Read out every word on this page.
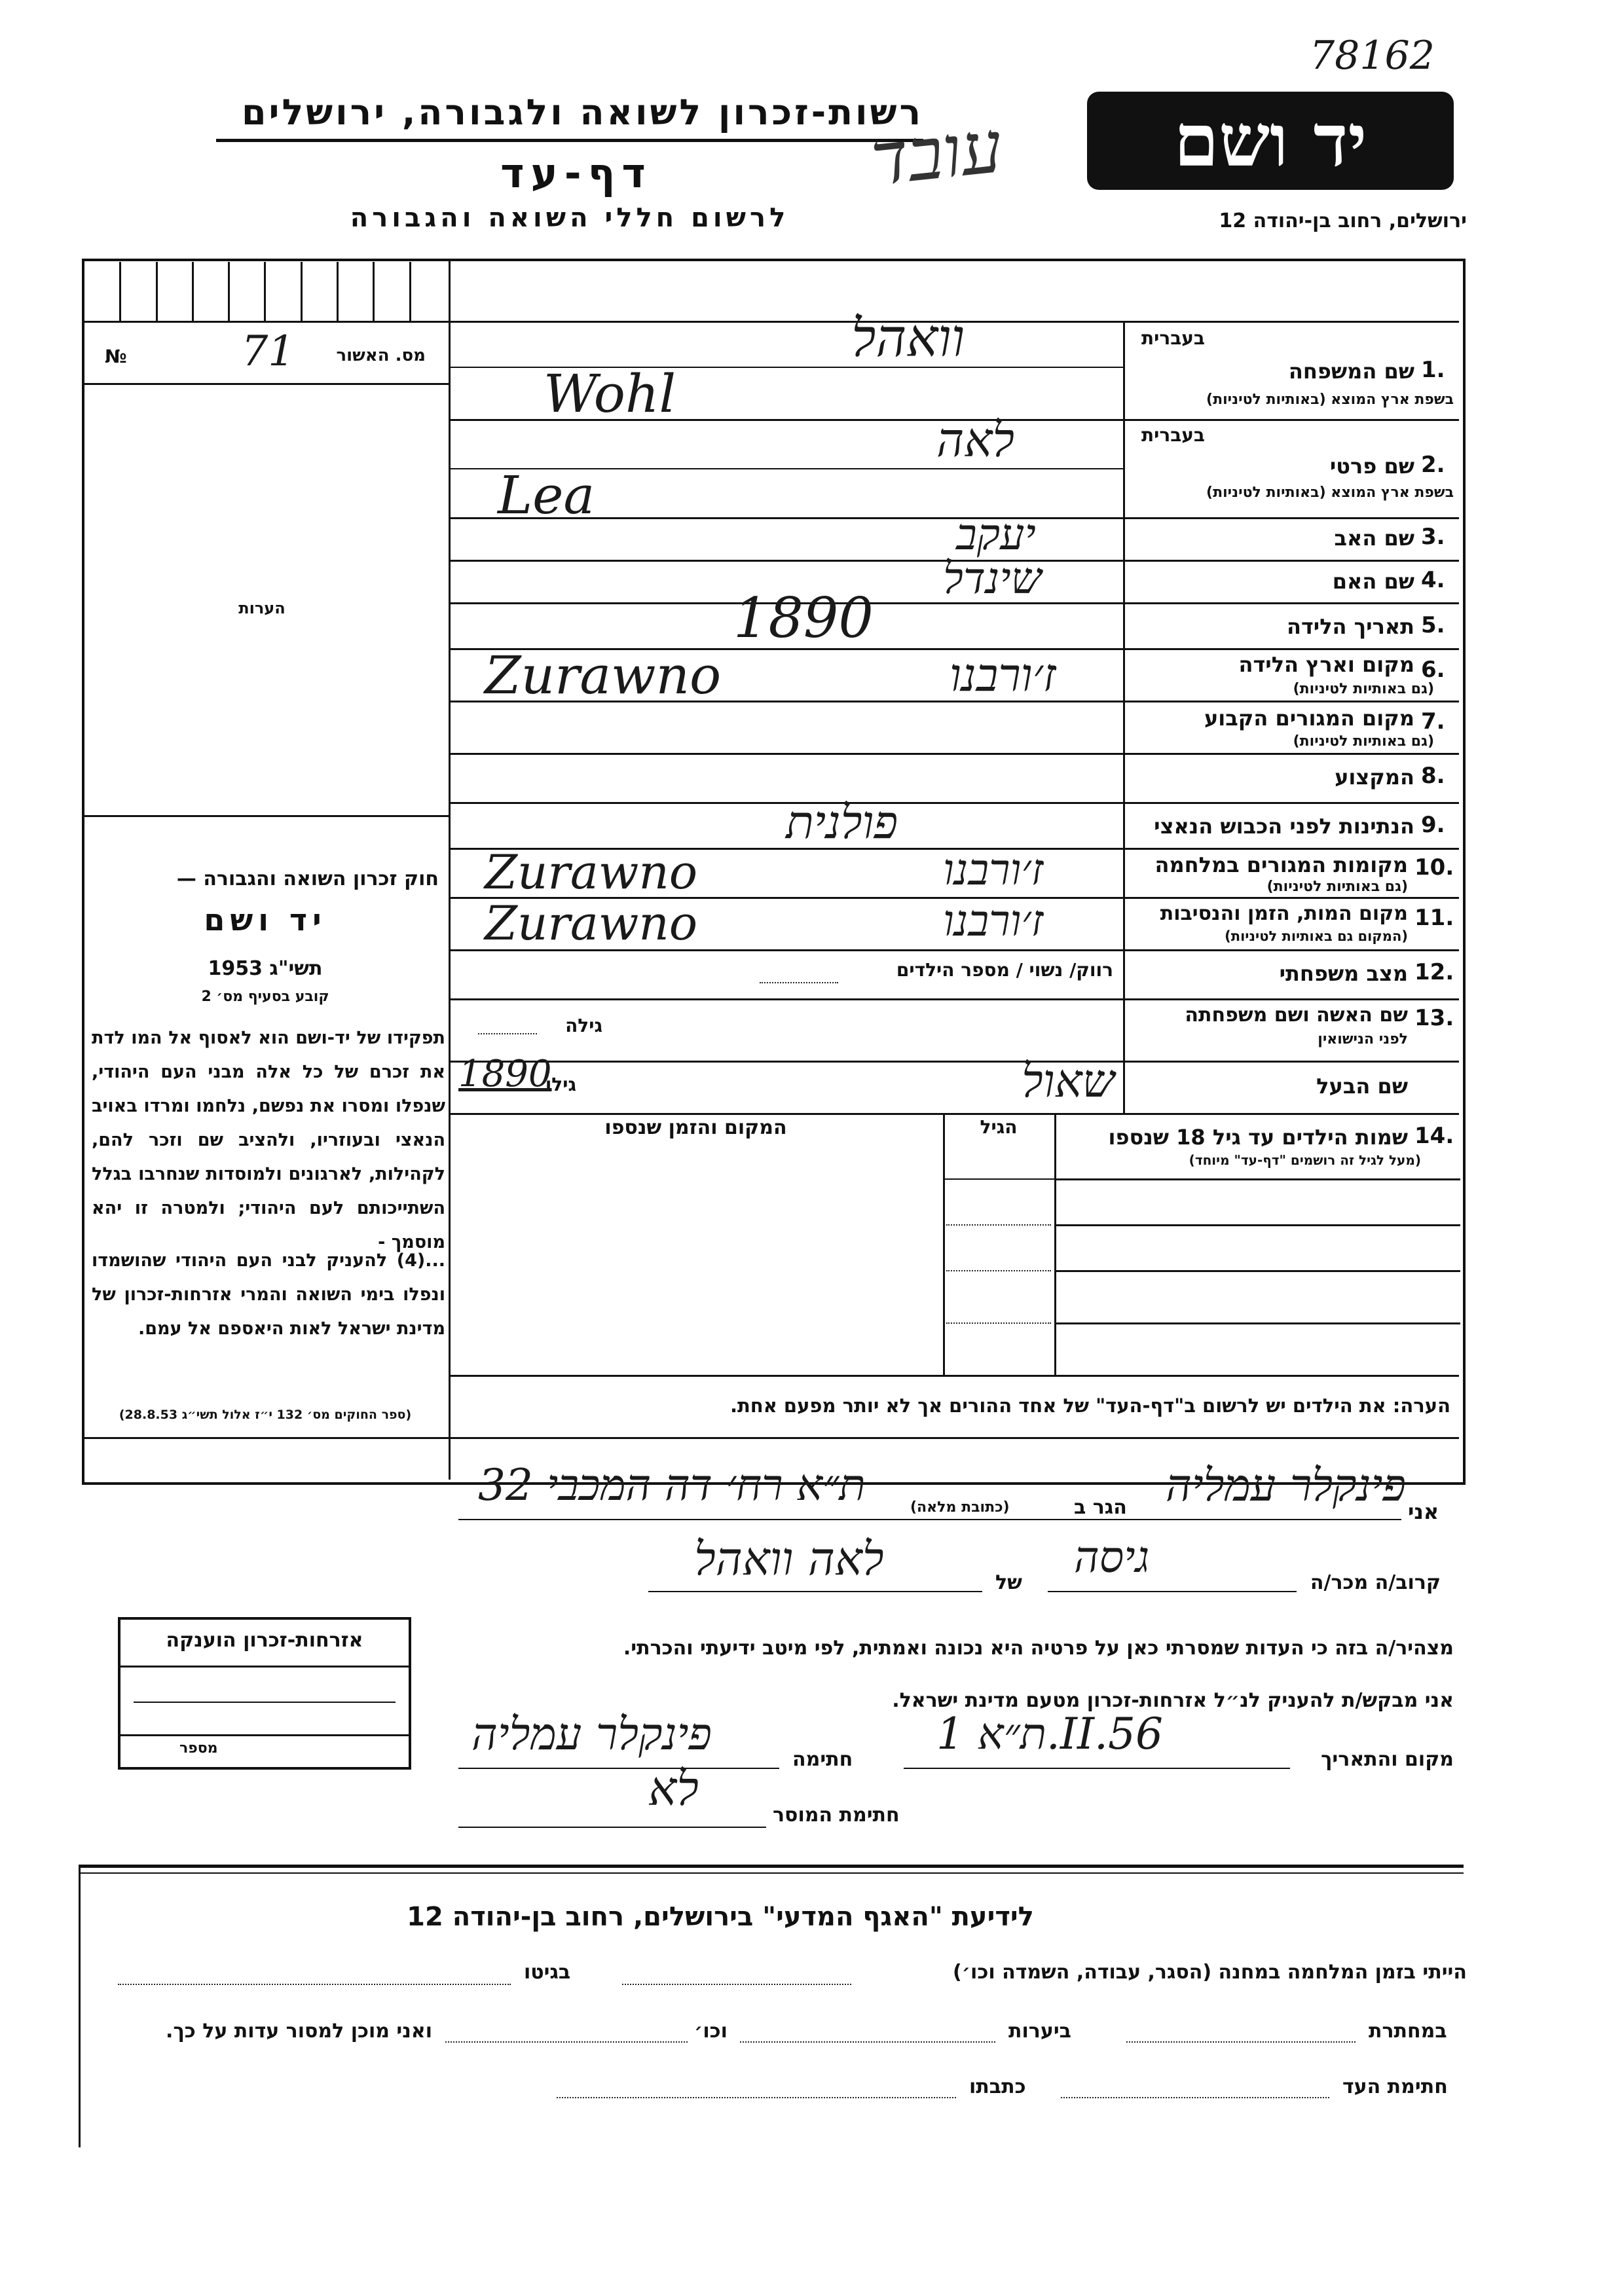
78162
יד ושם
רשות-זכרון לשואה ולגבורה, ירושלים
דף-עד
לרשום חללי השואה והגבורה	ירושלים, רחוב בן-יהודה 12
עובד
מס. האשור
71
№
הערות
חוק זכרון השואה והגבורה —
יד ושם
תשי"ג 1953
קובע בסעיף מס׳ 2
תפקידו של יד-ושם הוא לאסוף אל המו לדת את זכרם של כל אלה מבני העם היהודי, שנפלו ומסרו את נפשם, נלחמו ומרדו באויב הנאצי ובעוזריו, ולהציב שם וזכר להם, לקהילות, לארגונים ולמוסדות שנחרבו בגלל השתייכותם לעם היהודי; ולמטרה זו יהא מוסמך -
...(4) להעניק לבני העם היהודי שהושמדו ונפלו בימי השואה והמרי אזרחות-זכרון של מדינת ישראל לאות היאספם אל עמם.
(ספר החוקים מס׳ 132 י״ז אלול תשי״ג 28.8.53)
בעברית
1.
שם המשפחה
בשפת ארץ המוצא (באותיות לטיניות)
וואהל
Wohl
בעברית
2.
שם פרטי
בשפת ארץ המוצא (באותיות לטיניות)
לאה
Lea
3.
שם האב
יעקב
4.
שם האם
שינדל
5.
תאריך הלידה
1890
6.
מקום וארץ הלידה
(גם באותיות לטיניות)
ז׳ורבנו
Zurawno
7.
מקום המגורים הקבוע
(גם באותיות לטיניות)
8.
המקצוע
9.
הנתינות לפני הכבוש הנאצי
פולנית
10.
מקומות המגורים במלחמה
(גם באותיות לטיניות)
ז׳ורבנו
Zurawno
11.
מקום המות, הזמן והנסיבות
(המקום גם באותיות לטיניות)
ז׳ורבנו
Zurawno
12.
מצב משפחתי
רווק/ נשוי / מספר הילדים
13.
שם האשה ושם משפחתה
לפני הנישואין
גילה
שם הבעל
שאול
גילו
1890
14.
שמות הילדים עד גיל 18 שנספו
(מעל לגיל זה רושמים "דף-עד" מיוחד)
הגיל
המקום והזמן שנספו
הערה: את הילדים יש לרשום ב"דף-העד" של אחד ההורים אך לא יותר מפעם אחת.
אני
פינקלר עמליה
הגר ב
(כתובת מלאה)
ת״א רח׳ דה המכבי 32
קרוב/ה מכר/ה
גיסה
של
לאה וואהל
מצהיר/ה בזה כי העדות שמסרתי כאן על פרטיה היא נכונה ואמתית, לפי מיטב ידיעתי והכרתי.
אני מבקש/ת להעניק לנ״ל אזרחות-זכרון מטעם מדינת ישראל.
מקום והתאריך
ת״א 1.II.56
חתימה
פינקלר עמליה
חתימת המוסר
לא
אזרחות-זכרון הוענקה
מספר
לידיעת "האגף המדעי" בירושלים, רחוב בן-יהודה 12
הייתי בזמן המלחמה במחנה (הסגר, עבודה, השמדה וכו׳)
בגיטו
במחתרת
ביערות
וכו׳
ואני מוכן למסור עדות על כך.
חתימת העד
כתבתו
